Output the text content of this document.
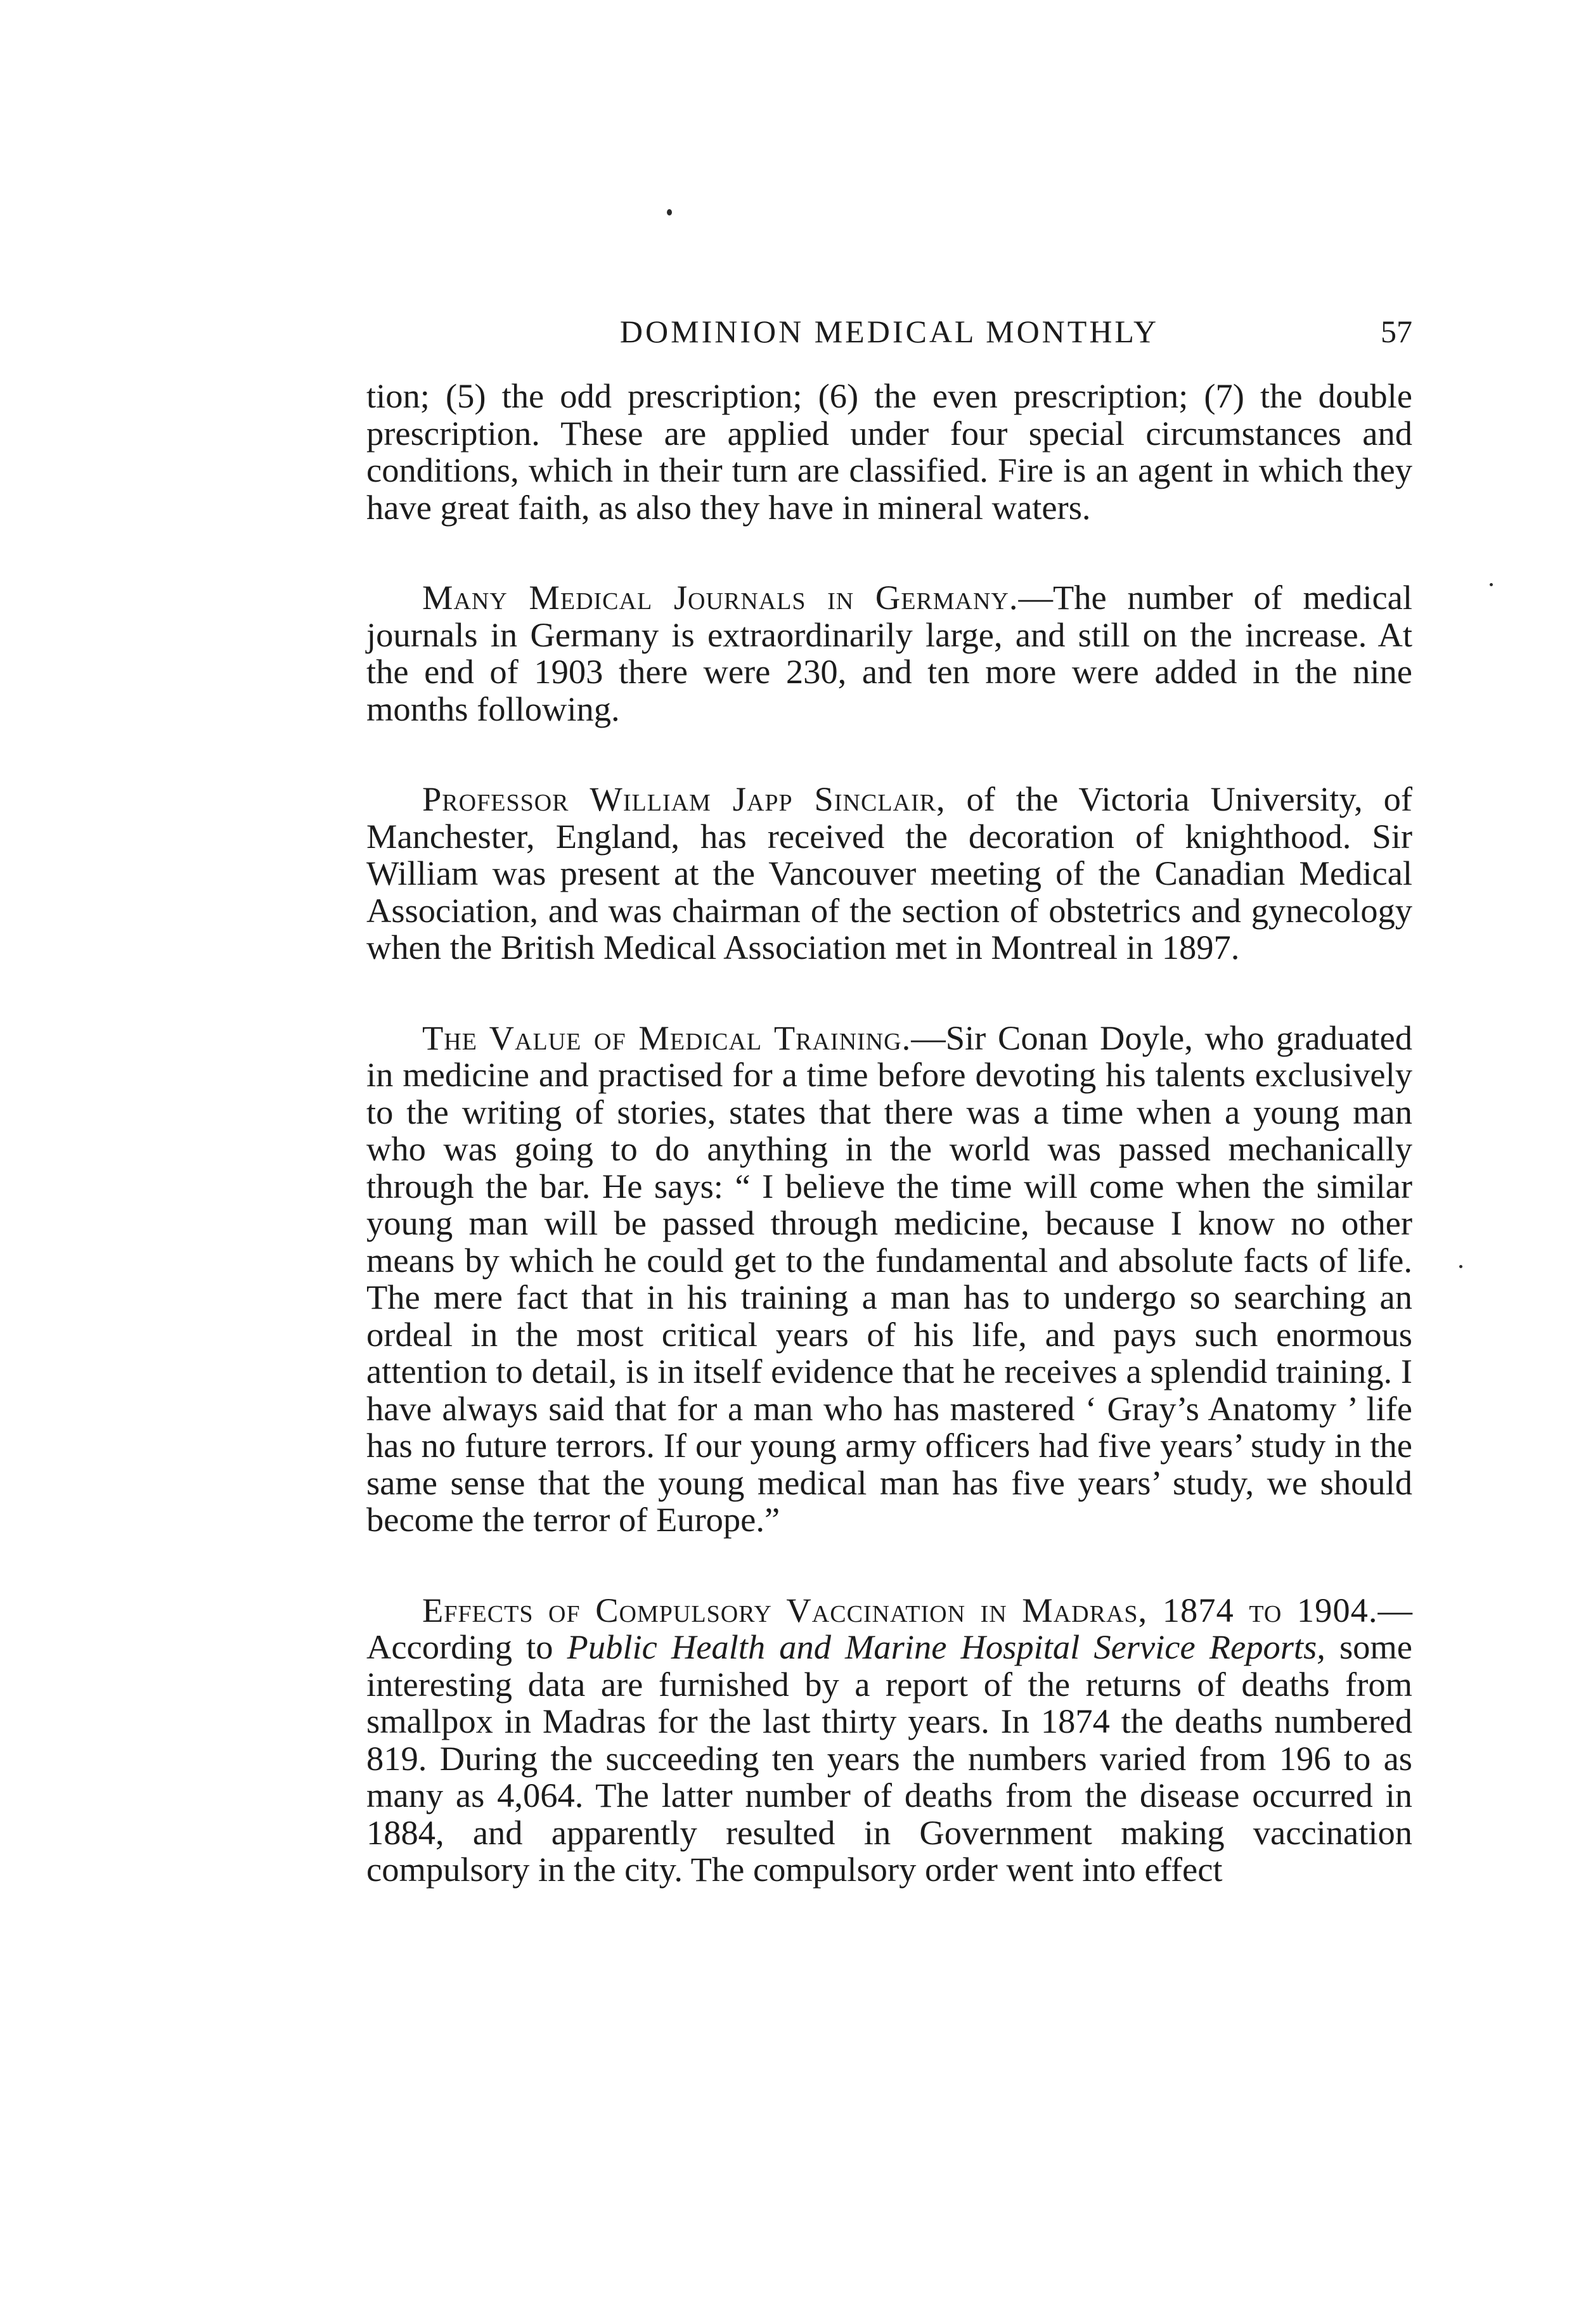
DOMINION MEDICAL MONTHLY	57

tion; (5) the odd prescription; (6) the even prescription; (7) the double prescription. These are applied under four special circumstances and conditions, which in their turn are classified. Fire is an agent in which they have great faith, as also they have in mineral waters.

Many Medical Journals in Germany.—The number of medical journals in Germany is extraordinarily large, and still on the increase. At the end of 1903 there were 230, and ten more were added in the nine months following.

Professor William Japp Sinclair, of the Victoria University, of Manchester, England, has received the decoration of knighthood. Sir William was present at the Vancouver meeting of the Canadian Medical Association, and was chairman of the section of obstetrics and gynecology when the British Medical Association met in Montreal in 1897.

The Value of Medical Training.—Sir Conan Doyle, who graduated in medicine and practised for a time before devoting his talents exclusively to the writing of stories, states that there was a time when a young man who was going to do anything in the world was passed mechanically through the bar. He says: “ I believe the time will come when the similar young man will be passed through medicine, because I know no other means by which he could get to the fundamental and absolute facts of life. The mere fact that in his training a man has to undergo so searching an ordeal in the most critical years of his life, and pays such enormous attention to detail, is in itself evidence that he receives a splendid training. I have always said that for a man who has mastered ‘ Gray’s Anatomy ’ life has no future terrors. If our young army officers had five years’ study in the same sense that the young medical man has five years’ study, we should become the terror of Europe.”

Effects of Compulsory Vaccination in Madras, 1874 to 1904.—According to Public Health and Marine Hospital Service Reports, some interesting data are furnished by a report of the returns of deaths from smallpox in Madras for the last thirty years. In 1874 the deaths numbered 819. During the succeeding ten years the numbers varied from 196 to as many as 4,064. The latter number of deaths from the disease occurred in 1884, and apparently resulted in Government making vaccination compulsory in the city. The compulsory order went into effect
